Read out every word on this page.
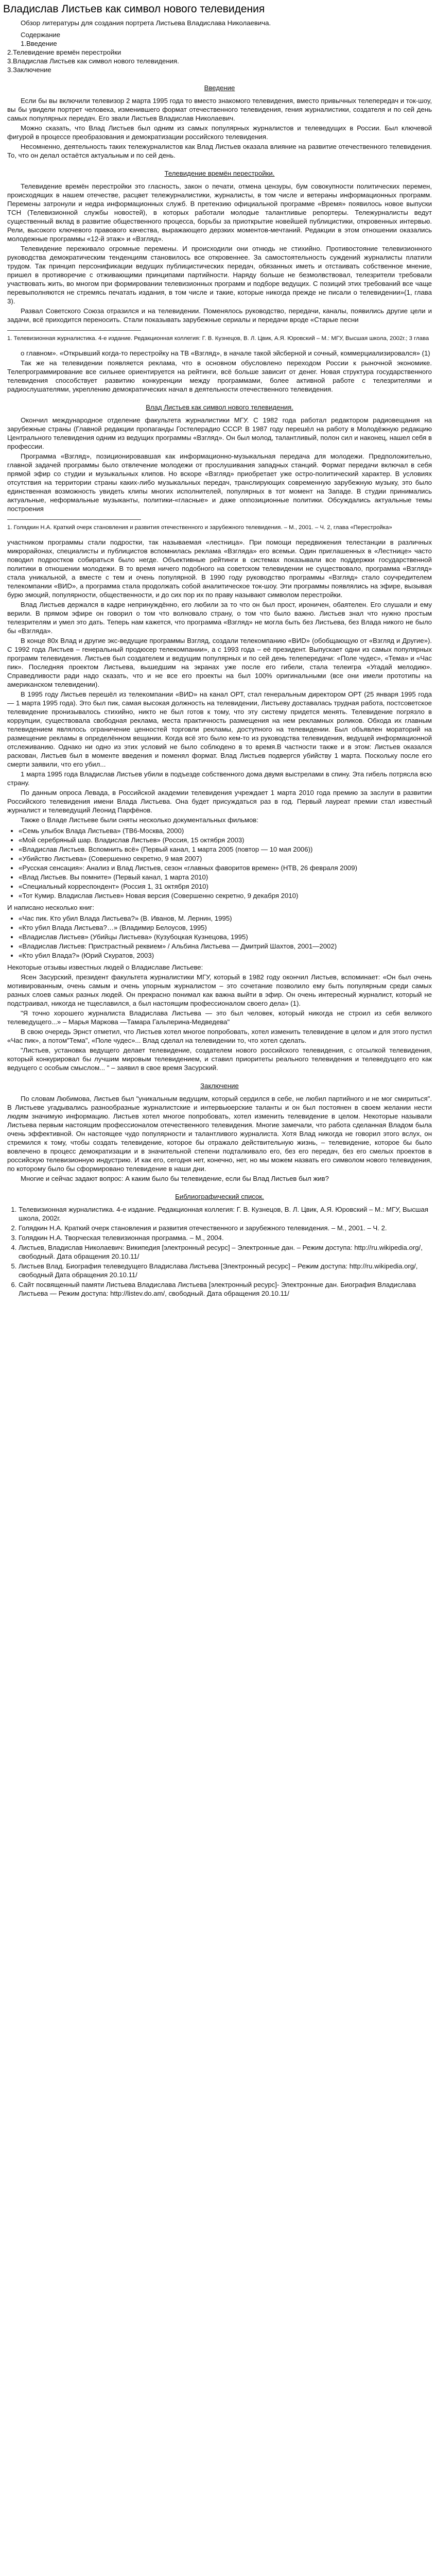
Владислав Листьев как символ нового телевидения

Обзор литературы для создания портрета Листьева Владислава Николаевича.

Содержание

1.Введение

2.Телевидение времён перестройки

3.Владислав Листьев как символ нового телевидения.

3.Заключение

Введение

Если бы вы включили телевизор 2 марта 1995 года то вместо знакомого телевидения, вместо привычных телепередач и ток-шоу, вы бы увидели портрет человека, изменившего формат отечественного телевидения, гения журналистики, создателя и по сей день самых популярных передач. Его звали Листьев Владислав Николаевич.

Можно сказать, что Влад Листьев был одним из самых популярных журналистов и телеведущих в России. Был ключевой фигурой в процессе преобразования и демократизации российского телевидения.

Несомненно, деятельность таких тележурналистов как Влад Листьев оказала влияние на развитие отечественного телевидения. То, что он делал остаётся актуальным и по сей день.

Телевидение времён перестройки.

Телевидение времён перестройки это гласность, закон о печати, отмена цензуры, бум совокупности политических перемен, происходящих в нашем отечестве, расцвет тележурналистики, журналисты, в том числе и ветераны информационных программ. Перемены затронули и недра информационных служб. В претензию официальной программе «Время» появилось новое выпуски ТСН (Телевизионной службы новостей), в которых работали молодые талантливые репортеры. Тележурналисты ведут существенный вклад в развитие общественного процесса, борьбы за приоткрытие новейшей публицистики, откровенных интервью. Рели, высокого ключевого правового качества, выражающего дерзких моментов-мечтаний. Редакции в этом отношении оказались молодежные программы «12-й этаж» и «Взгляд».

Телевидение переживало огромные перемены. И происходили они отнюдь не стихийно. Противостояние телевизионного руководства демократическим тенденциям становилось все откровеннее. За самостоятельность суждений журналисты платили трудом. Так принцип персонификации ведущих публицистических передач, обязанных иметь и отстаивать собственное мнение, пришел в противоречие с отживающими принципами партийности. Наряду больше не безмолвствовал, телезрители требовали участвовать жить, во многом при формировании телевизионных программ и подборе ведущих. С позиций этих требований все чаще перевыполняются не стремясь печатать издания, в том числе и такие, которые никогда прежде не писали о телевидении»(1, глава 3).

Развал Советского Союза отразился и на телевидении. Поменялось руководство, передачи, каналы, появились другие цели и задачи, всё приходится переносить. Стали показывать зарубежные сериалы и передачи вроде «Старые песни

1. Телевизионная журналистика. 4-е издание. Редакционная коллегия: Г. В. Кузнецов, В. Л. Цвик, А.Я. Юровский – М.: МГУ, Высшая школа, 2002г.; 3 глава

о главном». «Открывший когда-то перестройку на ТВ «Взгляд», в начале такой эйсберной и сочный, коммерциализировался» (1)

Так же на телевидении появляется реклама, что в основном обусловлено переходом России к рыночной экономике. Телепрограммирование все сильнее ориентируется на рейтинги, всё больше зависит от денег. Новая структура государственного телевидения способствует развитию конкуренции между программами, более активной работе с телезрителями и радиослушателями, укреплению демократических начал в деятельности отечественного телевидения.

Влад Листьев как символ нового телевидения.

Окончил международное отделение факультета журналистики МГУ. С 1982 года работал редактором радиовещания на зарубежные страны (Главной редакции пропаганды Гостелерадио СССР. В 1987 году перешёл на работу в Молодёжную редакцию Центрального телевидения одним из ведущих программы «Взгляд». Он был молод, талантливый, полон сил и наконец, нашел себя в профессии.

Программа «Взгляд», позиционировавшая как информационно-музыкальная передача для молодежи. Предположительно, главной задачей программы было отвлечение молодежи от прослушивания западных станций. Формат передачи включал в себя прямой эфир со студии и музыкальных клипов. Но вскоре «Взгляд» приобретает уже остро-политический характер. В условиях отсутствия на территории страны каких-либо музыкальных передач, транслирующих современную зарубежную музыку, это было единственная возможность увидеть клипы многих исполнителей, популярных в тот момент на Западе. В студии принимались актуальные, неформальные музыканты, политики-«гласные» и даже оппозиционные политики. Обсуждались актуальные темы построения

1. Голядкин Н.А. Краткий очерк становления и развития отечественного и зарубежного телевидения. – М., 2001. – Ч. 2, главa «Перестройка»

участником программы стали подростки, так называемая «лестница». При помощи передвижения телестанции в различных микрорайонах, специалисты и публицистов вспомнилась реклама «Взгляда» его всемьи. Один приглашенных в «Лестнице» часто поводил подростков собираться было негде. Объективные рейтинги в системах показывали все поддержки государственной политики в отношении молодежи. В то время ничего подобного на советском телевидении не существовало, программа «Взгляд» стала уникальной, а вместе с тем и очень популярной. В 1990 году руководство программы «Взгляд» стало соучредителем телекомпании «ВИD», а программа стала продолжать собой аналитическое ток-шоу. Эти программы появлялись на эфире, вызывая бурю эмоций, популярности, общественности, и до сих пор их по праву называют символом перестройки.

Влад Листьев держался в кадре непринуждённо, его любили за то что он был прост, ироничен, обаятелен. Его слушали и ему верили. В прямом эфире он говорил о том что волновало страну, о том что было важно. Листьев знал что нужно простым телезрителям и умел это дать. Теперь нам кажется, что программа «Взгляд» не могла быть без Листьева, без Влада никого не было бы «Взгляда».

В конце 80х Влад и другие экс-ведущие программы Взгляд, создали телекомпанию «ВИD» (обобщающую от «Взгляд и Другие»). С 1992 года Листьев – генеральный продюсер телекомпании», а с 1993 года – её президент. Выпускает одни из самых популярных программ телевидения. Листьев был создателем и ведущим популярных и по сей день телепередачи: «Поле чудес», «Тема» и «Час пик». Последняя проектом Листьева, вышедшим на экранах уже после его гибели, стала телеигра «Угадай мелодию». Справедливости ради надо сказать, что и не все его проекты на был 100% оригинальными (все они имели прототипы на американском телевидении).

В 1995 году Листьев перешёл из телекомпании «ВИD» на канал ОРТ, стал генеральным директором ОРТ (25 января 1995 года — 1 марта 1995 года). Это был пик, самая высокая должность на телевидении, Листьеву доставалась трудная работа, постсоветское телевидение пронизывалось стихийно, никто не был готов к тому, что эту систему придется менять. Телевидение погрязло в коррупции, существовала свободная реклама, места практичность размещения на нем рекламных роликов. Обхода их главным телевидением являлось ограничение ценностей торговли рекламы, доступного на телевидении. Был объявлен мораторий на размещение рекламы в определённом вещании. Когда всё это было кем-то из руководства телевидения, ведущей информационной отслеживанию. Однако ни одно из этих условий не было соблюдено в то время.В частности также и в этом: Листьев оказался раскован, Листьев был в моменте введения и поменял формат. Влад Листьев подвергся убийству 1 марта. Поскольку после его смерти заявили, что его убил...

1 марта 1995 года Владислав Листьев убили в подъезде собственного дома двумя выстрелами в спину. Эта гибель потрясла всю страну.

По данным опроса Левада, в Российской академии телевидения учреждает 1 марта 2010 года премию за заслуги в развитии Российского телевидения имени Влада Листьева. Она будет присуждаться раз в год. Первый лауреат премии стал известный журналист и телеведущий Леонид Парфёнов.

Также о Владе Листьеве были сняты несколько документальных фильмов:

• «Семь улыбок Влада Листьева» (ТВ6-Москва, 2000)
• «Мой серебряный шар. Владислав Листьев» (Россия, 15 октября 2003)
• «Владислав Листьев. Вспомнить всё» (Первый канал, 1 марта 2005 (повтор — 10 мая 2006))
• «Убийство Листьева» (Совершенно секретно, 9 мая 2007)
• «Русская сенсация»: Анализ и Влад Листьев, сезон «главных фаворитов времен» (НТВ, 26 февраля 2009)
• «Влад Листьев. Вы помните» (Первый канал, 1 марта 2010)
• «Специальный корреспондент» (Россия 1, 31 октября 2010)
• «Тот Кумир. Владислав Листьев» Новая версия (Совершенно секретно, 9 декабря 2010)

И написано несколько книг:

• «Час пик. Кто убил Влада Листьева?» (В. Иванов, М. Лернин, 1995)
• «Кто убил Влада Листьева?…» (Владимир Белоусов, 1995)
• «Владислав Листьев» (Убийцы Листьева» (Кузубоцкая Кузнецова, 1995)
• «Владислав Листьев: Пристрастный реквием» / Альбина Листьева — Дмитрий Шахтов, 2001—2002)
• «Кто убил Влада?» (Юрий Скуратов, 2003)

Некоторые отзывы известных людей о Владиславе Листьеве:

Ясен Засурский, президент факультета журналистики МГУ, который в 1982 году окончил Листьев, вспоминает: «Он был очень мотивированным, очень самым и очень упорным журналистом – это сочетание позволило ему быть популярным среди самых разных слоев самых разных людей. Он прекрасно понимал как важна выйти в эфир. Он очень интересный журналист, который не подстраивал, никогда не тщеславился, а был настоящим профессионалом своего дела» (1).

"Я точно хорошего журналиста Владислава Листьева — это был человек, который никогда не строил из себя великого телеведущего...» – Марья Маркова —Тамара Гальперина-Медведева"

В свою очередь Эрнст отметил, что Листьев хотел многое попробовать, хотел изменить телевидение в целом и для этого пустил «Час пик», а потом"Тема", «Поле чудес»... Влад сделал на телевидении то, что хотел сделать.

"Листьев, установка ведущего делает телевидение, создателем нового российского телевидения, с отсылкой телевидения, который конкурировал бы лучшим мировым телевидением, и ставил приоритеты реального телевидения и телеведущего его как ведущего с особым смыслом... " – заявил в свое время Засурский.

Заключение

По словам Любимова, Листьев был "уникальным ведущим, который сердился в себе, не любил партийного и не мог смириться". В Листьеве угадывались разнообразные журналистские и интервьюерские таланты и он был постоянен в своем желании нести людям значимую информацию. Листьев хотел многое попробовать, хотел изменить телевидение в целом. Некоторые называли Листьева первым настоящим профессионалом отечественного телевидения. Многие замечали, что работа сделанная Владом была очень эффективной. Он настоящее чудо популярности и талантливого журналиста. Хотя Влад никогда не говорил этого вслух, он стремился к тому, чтобы создать телевидение, которое бы отражало действительную жизнь, – телевидение, которое бы было вовлечено в процесс демократизации и в значительной степени подталкивало его, без его передач, без его смелых проектов в российскую телевизионную индустрию. И как его, сегодня нет, конечно, нет, но мы можем назвать его символом нового телевидения, по которому было бы сформировано телевидение в наши дни.

Многие и сейчас задают вопрос: А каким было бы телевидение, если бы Влад Листьев был жив?

Библиографический список.

1. Телевизионная журналистика. 4-е издание. Редакционная коллегия: Г. В. Кузнецов, В. Л. Цвик, А.Я. Юровский – М.: МГУ, Высшая школа, 2002г.
2. Голядкин Н.А. Краткий очерк становления и развития отечественного и зарубежного телевидения. – М., 2001. – Ч. 2.
3. Голядкин Н.А. Творческая телевизионная программа. – М., 2004.
4. Листьев, Владислав Николаевич: Википедия [электронный ресурс] – Электронные дан. – Режим доступа: http://ru.wikipedia.org/, свободный. Дата обращения 20.10.11/
5. Листьев Влад. Биография телеведущего Владислава Листьева [Электронный ресурс] – Режим доступа: http://ru.wikipedia.org/, свободный Дата обращения 20.10.11/
6. Сайт посвященный памяти Листьева Владислава Листьева [электронный ресурс]- Электронные дан. Биография Владислава Листьева — Режим доступа: http://listev.do.am/, свободный. Дата обращения 20.10.11/
